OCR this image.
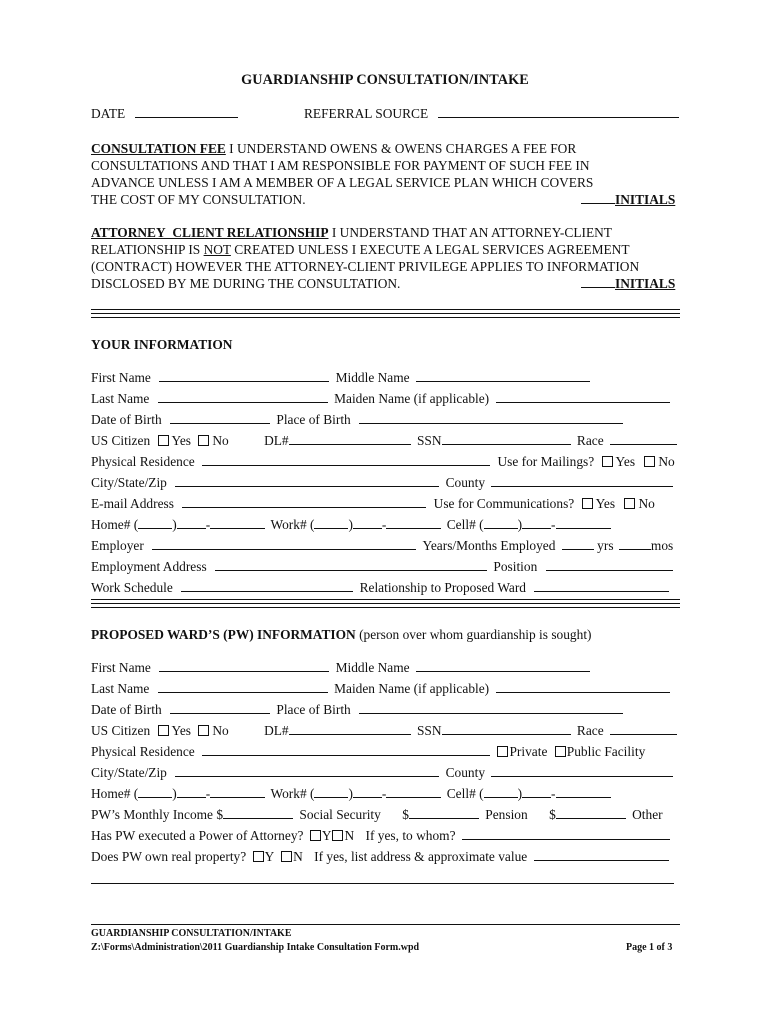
GUARDIANSHIP CONSULTATION/INTAKE
DATE	REFERRAL SOURCE
CONSULTATION FEE I UNDERSTAND OWENS & OWENS CHARGES A FEE FOR
CONSULTATIONS AND THAT I AM RESPONSIBLE FOR PAYMENT OF SUCH FEE IN
ADVANCE UNLESS I AM A MEMBER OF A LEGAL SERVICE PLAN WHICH COVERS
THE COST OF MY CONSULTATION.	INITIALS
ATTORNEY_CLIENT RELATIONSHIP I UNDERSTAND THAT AN ATTORNEY-CLIENT
RELATIONSHIP IS NOT CREATED UNLESS I EXECUTE A LEGAL SERVICES AGREEMENT
(CONTRACT) HOWEVER THE ATTORNEY-CLIENT PRIVILEGE APPLIES TO INFORMATION
DISCLOSED BY ME DURING THE CONSULTATION.	INITIALS
YOUR INFORMATION
First Name	Middle Name
Last Name	Maiden Name (if applicable)
Date of Birth	Place of Birth
US Citizen Yes No	DL#	SSN	Race
Physical Residence	Use for Mailings? Yes No
City/State/Zip	County
E-mail Address	Use for Communications? Yes No
Home# (	) -	Work# (	) -	Cell# (	) -
Employer	Years/Months Employed	yrs	mos
Employment Address	Position
Work Schedule	Relationship to Proposed Ward
PROPOSED WARD’S (PW) INFORMATION (person over whom guardianship is sought)
First Name	Middle Name
Last Name	Maiden Name (if applicable)
Date of Birth	Place of Birth
US Citizen Yes No	DL#	SSN	Race
Physical Residence	Private Public Facility
City/State/Zip	County
Home# (	) -	Work# (	) -	Cell# (	) -
PW’s Monthly Income $	Social Security $	Pension $	Other
Has PW executed a Power of Attorney? Y N If yes, to whom?
Does PW own real property? Y N If yes, list address & approximate value
GUARDIANSHIP CONSULTATION/INTAKE
Z:\Forms\Administration\2011 Guardianship Intake Consultation Form.wpd	Page 1 of 3
